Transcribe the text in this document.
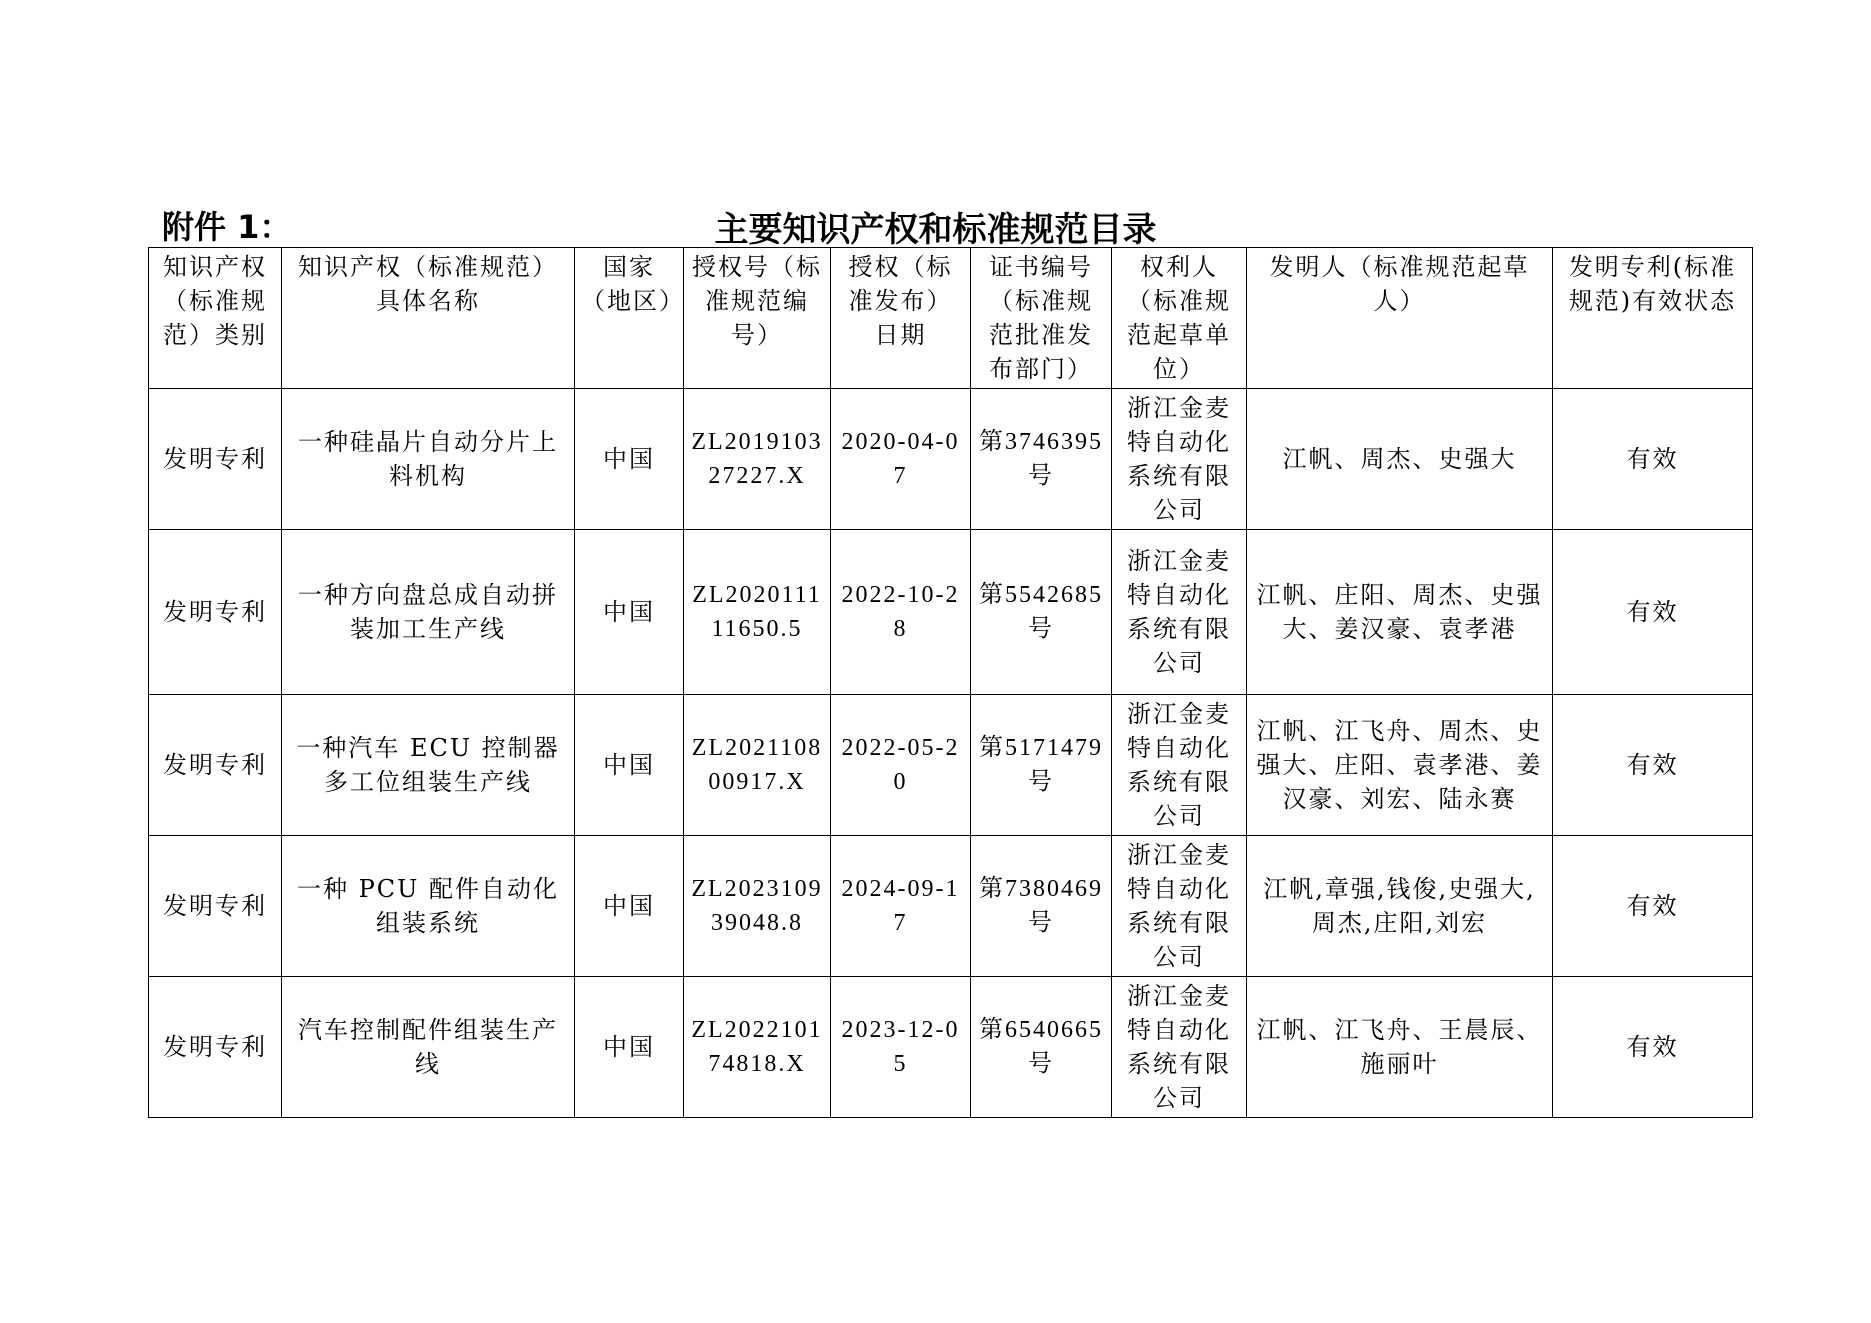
附件 1：	主要知识产权和标准规范目录
知识产权（标准规范）类别	知识产权（标准规范）具体名称	国家（地区）	授权号（标准规范编号）	授权（标准发布）日期	证书编号（标准规范批准发布部门）	权利人（标准规范起草单位）	发明人（标准规范起草人）	发明专利(标准规范)有效状态
发明专利	一种硅晶片自动分片上料机构	中国	ZL201910327227.X	2020-04-07	第3746395号	浙江金麦特自动化系统有限公司	江帆、周杰、史强大	有效
发明专利	一种方向盘总成自动拼装加工生产线	中国	ZL202011111650.5	2022-10-28	第5542685号	浙江金麦特自动化系统有限公司	江帆、庄阳、周杰、史强大、姜汉豪、袁孝港	有效
发明专利	一种汽车 ECU 控制器多工位组装生产线	中国	ZL202110800917.X	2022-05-20	第5171479号	浙江金麦特自动化系统有限公司	江帆、江飞舟、周杰、史强大、庄阳、袁孝港、姜汉豪、刘宏、陆永赛	有效
发明专利	一种 PCU 配件自动化组装系统	中国	ZL202310939048.8	2024-09-17	第7380469号	浙江金麦特自动化系统有限公司	江帆,章强,钱俊,史强大,周杰,庄阳,刘宏	有效
发明专利	汽车控制配件组装生产线	中国	ZL202210174818.X	2023-12-05	第6540665号	浙江金麦特自动化系统有限公司	江帆、江飞舟、王晨辰、施丽叶	有效
